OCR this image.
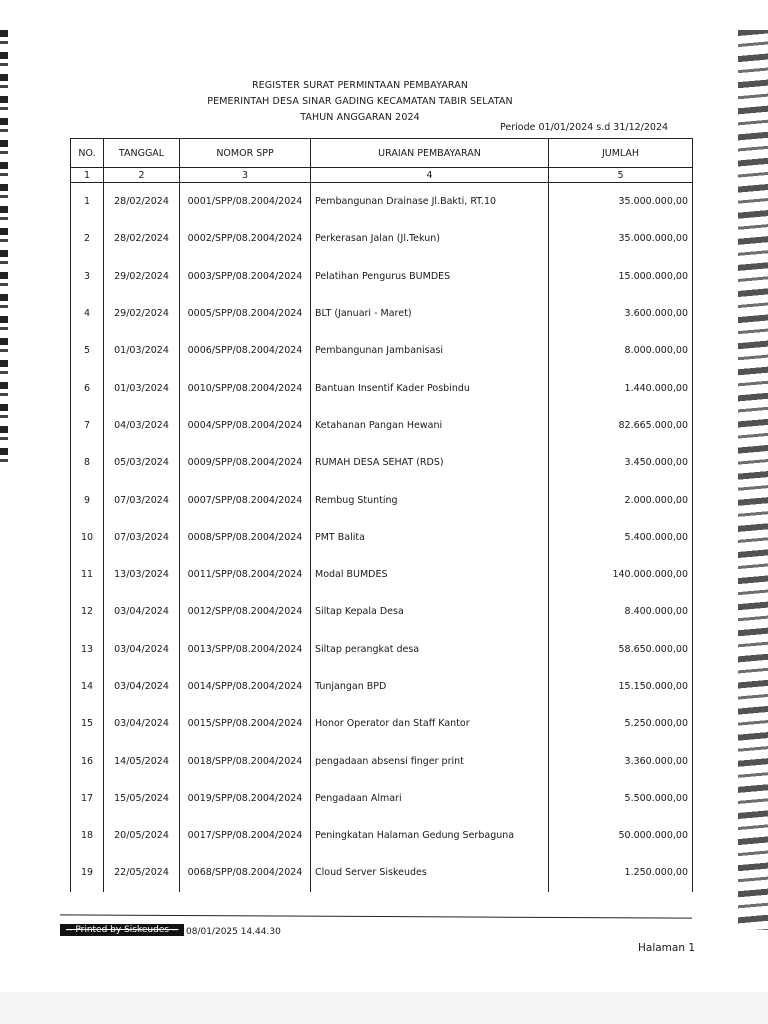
REGISTER SURAT PERMINTAAN PEMBAYARAN
PEMERINTAH DESA SINAR GADING KECAMATAN TABIR SELATAN
TAHUN ANGGARAN 2024
Periode 01/01/2024 s.d 31/12/2024
NO.	TANGGAL	NOMOR SPP	URAIAN PEMBAYARAN	JUMLAH
1	2	3	4	5
1	28/02/2024	0001/SPP/08.2004/2024	Pembangunan Drainase Jl.Bakti, RT.10	35.000.000,00
2	28/02/2024	0002/SPP/08.2004/2024	Perkerasan Jalan (Jl.Tekun)	35.000.000,00
3	29/02/2024	0003/SPP/08.2004/2024	Pelatihan Pengurus BUMDES	15.000.000,00
4	29/02/2024	0005/SPP/08.2004/2024	BLT (Januari - Maret)	3.600.000,00
5	01/03/2024	0006/SPP/08.2004/2024	Pembangunan Jambanisasi	8.000.000,00
6	01/03/2024	0010/SPP/08.2004/2024	Bantuan Insentif Kader Posbindu	1.440.000,00
7	04/03/2024	0004/SPP/08.2004/2024	Ketahanan Pangan Hewani	82.665.000,00
8	05/03/2024	0009/SPP/08.2004/2024	RUMAH DESA SEHAT (RDS)	3.450.000,00
9	07/03/2024	0007/SPP/08.2004/2024	Rembug Stunting	2.000.000,00
10	07/03/2024	0008/SPP/08.2004/2024	PMT Balita	5.400.000,00
11	13/03/2024	0011/SPP/08.2004/2024	Modal BUMDES	140.000.000,00
12	03/04/2024	0012/SPP/08.2004/2024	Siltap Kepala Desa	8.400.000,00
13	03/04/2024	0013/SPP/08.2004/2024	Siltap perangkat desa	58.650.000,00
14	03/04/2024	0014/SPP/08.2004/2024	Tunjangan BPD	15.150.000,00
15	03/04/2024	0015/SPP/08.2004/2024	Honor Operator dan Staff Kantor	5.250.000,00
16	14/05/2024	0018/SPP/08.2004/2024	pengadaan absensi finger print	3.360.000,00
17	15/05/2024	0019/SPP/08.2004/2024	Pengadaan Almari	5.500.000,00
18	20/05/2024	0017/SPP/08.2004/2024	Peningkatan Halaman Gedung Serbaguna	50.000.000,00
19	22/05/2024	0068/SPP/08.2004/2024	Cloud Server Siskeudes	1.250.000,00
-- Printed by Siskeudes -- 08/01/2025 14.44.30
Halaman 1
